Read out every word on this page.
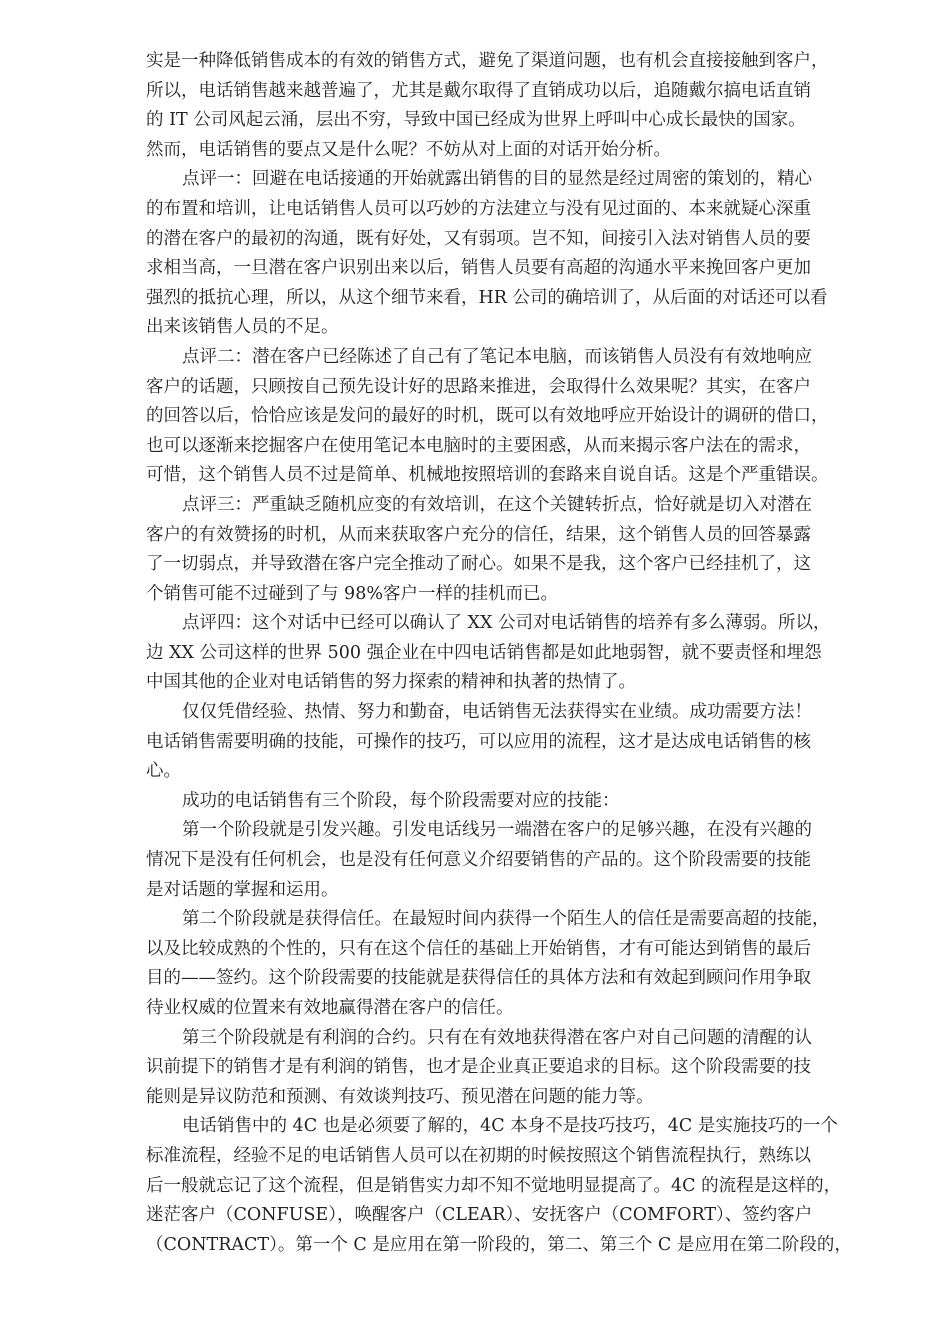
实是一种降低销售成本的有效的销售方式，避免了渠道问题，也有机会直接接触到客户，
所以，电话销售越来越普遍了，尤其是戴尔取得了直销成功以后，追随戴尔搞电话直销
的 IT 公司风起云涌，层出不穷，导致中国已经成为世界上呼叫中心成长最快的国家。
然而，电话销售的要点又是什么呢？不妨从对上面的对话开始分析。
点评一：回避在电话接通的开始就露出销售的目的显然是经过周密的策划的，精心
的布置和培训，让电话销售人员可以巧妙的方法建立与没有见过面的、本来就疑心深重
的潜在客户的最初的沟通，既有好处，又有弱项。岂不知，间接引入法对销售人员的要
求相当高，一旦潜在客户识别出来以后，销售人员要有高超的沟通水平来挽回客户更加
强烈的抵抗心理，所以，从这个细节来看，HR 公司的确培训了，从后面的对话还可以看
出来该销售人员的不足。
点评二：潜在客户已经陈述了自己有了笔记本电脑，而该销售人员没有有效地响应
客户的话题，只顾按自己预先设计好的思路来推进，会取得什么效果呢？其实，在客户
的回答以后，恰恰应该是发问的最好的时机，既可以有效地呼应开始设计的调研的借口，
也可以逐渐来挖掘客户在使用笔记本电脑时的主要困惑，从而来揭示客户法在的需求，
可惜，这个销售人员不过是简单、机械地按照培训的套路来自说自话。这是个严重错误。
点评三：严重缺乏随机应变的有效培训，在这个关键转折点，恰好就是切入对潜在
客户的有效赞扬的时机，从而来获取客户充分的信任，结果，这个销售人员的回答暴露
了一切弱点，并导致潜在客户完全推动了耐心。如果不是我，这个客户已经挂机了，这
个销售可能不过碰到了与 98%客户一样的挂机而已。
点评四：这个对话中已经可以确认了 XX 公司对电话销售的培养有多么薄弱。所以，
边 XX 公司这样的世界 500 强企业在中四电话销售都是如此地弱智，就不要责怪和埋怨
中国其他的企业对电话销售的努力探索的精神和执著的热情了。
仅仅凭借经验、热情、努力和勤奋，电话销售无法获得实在业绩。成功需要方法！
电话销售需要明确的技能，可操作的技巧，可以应用的流程，这才是达成电话销售的核
心。
成功的电话销售有三个阶段，每个阶段需要对应的技能：
第一个阶段就是引发兴趣。引发电话线另一端潜在客户的足够兴趣，在没有兴趣的
情况下是没有任何机会，也是没有任何意义介绍要销售的产品的。这个阶段需要的技能
是对话题的掌握和运用。
第二个阶段就是获得信任。在最短时间内获得一个陌生人的信任是需要高超的技能，
以及比较成熟的个性的，只有在这个信任的基础上开始销售，才有可能达到销售的最后
目的——签约。这个阶段需要的技能就是获得信任的具体方法和有效起到顾问作用争取
待业权威的位置来有效地赢得潜在客户的信任。
第三个阶段就是有利润的合约。只有在有效地获得潜在客户对自己问题的清醒的认
识前提下的销售才是有利润的销售，也才是企业真正要追求的目标。这个阶段需要的技
能则是异议防范和预测、有效谈判技巧、预见潜在问题的能力等。
电话销售中的 4C 也是必须要了解的，4C 本身不是技巧技巧，4C 是实施技巧的一个
标准流程，经验不足的电话销售人员可以在初期的时候按照这个销售流程执行，熟练以
后一般就忘记了这个流程，但是销售实力却不知不觉地明显提高了。4C 的流程是这样的，
迷茫客户（CONFUSE），唤醒客户（CLEAR）、安抚客户（COMFORT）、签约客户
（CONTRACT）。第一个 C 是应用在第一阶段的，第二、第三个 C 是应用在第二阶段的，
